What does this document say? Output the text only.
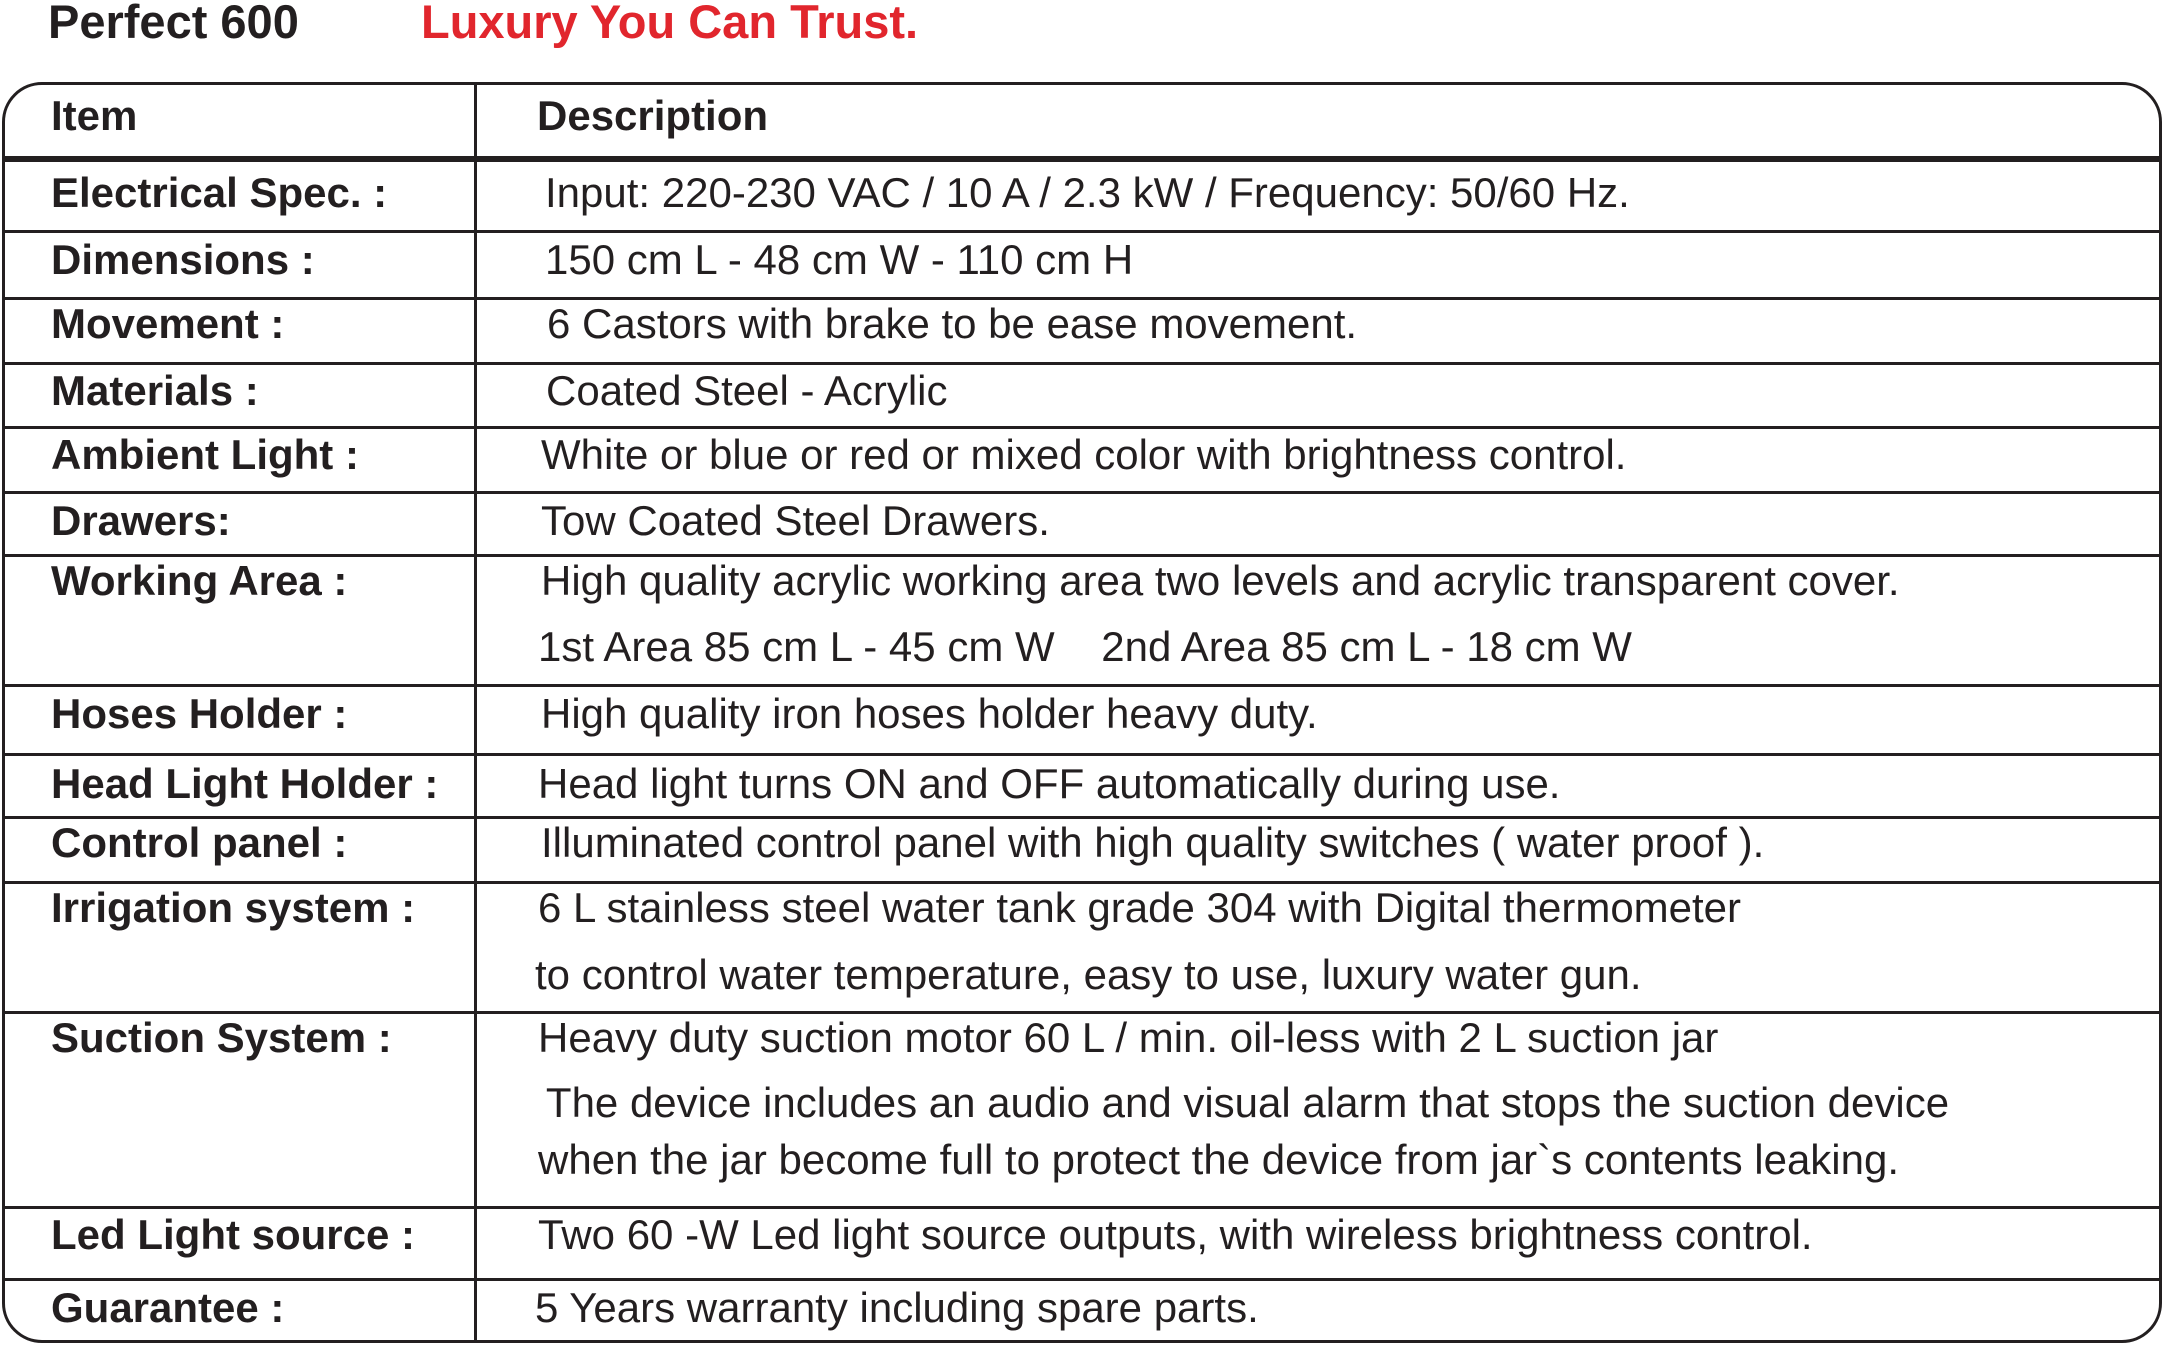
Perfect 600	Luxury You Can Trust.
Item	Description
Electrical Spec. :	Input: 220-230 VAC / 10 A / 2.3 kW / Frequency: 50/60 Hz.
Dimensions :	150 cm L - 48 cm W - 110 cm H
Movement :	6 Castors with brake to be ease movement.
Materials :	Coated Steel - Acrylic
Ambient Light :	White or blue or red or mixed color with brightness control.
Drawers:	Tow Coated Steel Drawers.
Working Area :	High quality acrylic working area two levels and acrylic transparent cover.
1st Area 85 cm L - 45 cm W    2nd Area 85 cm L - 18 cm W
Hoses Holder :	High quality iron hoses holder heavy duty.
Head Light Holder : Head light turns ON and OFF automatically during use.
Control panel :	Illuminated control panel with high quality switches ( water proof ).
Irrigation system :	6 L stainless steel water tank grade 304 with Digital thermometer
to control water temperature, easy to use, luxury water gun.
Suction System :	Heavy duty suction motor 60 L / min. oil-less with 2 L suction jar
The device includes an audio and visual alarm that stops the suction device
when the jar become full to protect the device from jar`s contents leaking.
Led Light source :	Two 60 -W Led light source outputs, with wireless brightness control.
Guarantee :	5 Years warranty including spare parts.
